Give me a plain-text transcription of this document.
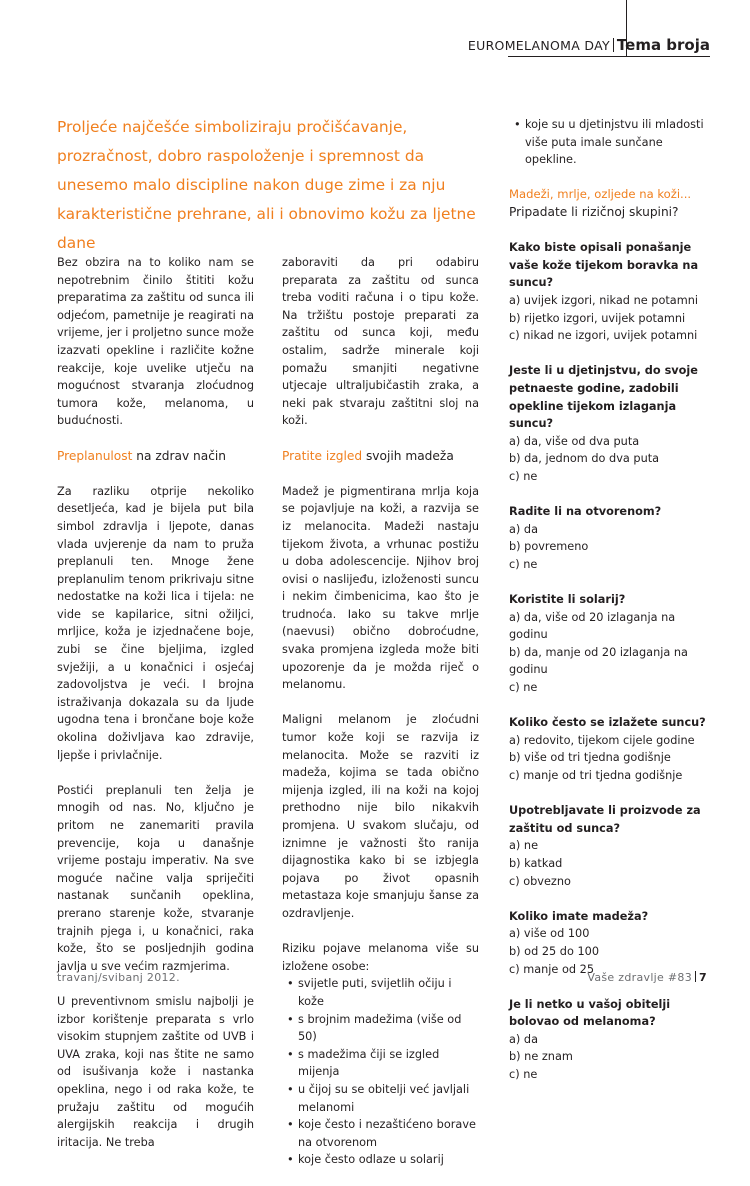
EUROMELANOMA DAY Tema broja
Proljeće najčešće simboliziraju pročišćavanje, prozračnost, dobro raspoloženje i spremnost da unesemo malo discipline nakon duge zime i za nju karakteristične prehrane, ali i obnovimo kožu za ljetne dane

Bez obzira na to koliko nam se nepotrebnim činilo štititi kožu preparatima za zaštitu od sunca ili odjećom, pametnije je reagirati na vrijeme, jer i proljetno sunce može izazvati opekline i različite kožne reakcije, koje uvelike utječu na mogućnost stvaranja zloćudnog tumora kože, melanoma, u budućnosti.

Preplanulost na zdrav način

Za razliku otprije nekoliko desetljeća, kad je bijela put bila simbol zdravlja i ljepote, danas vlada uvjerenje da nam to pruža preplanuli ten. Mnoge žene preplanulim tenom prikrivaju sitne nedostatke na koži lica i tijela: ne vide se kapilarice, sitni ožiljci, mrljice, koža je izjednačene boje, zubi se čine bjeljima, izgled svježiji, a u konačnici i osjećaj zadovoljstva je veći. I brojna istraživanja dokazala su da ljude ugodna tena i brončane boje kože okolina doživljava kao zdravije, ljepše i privlačnije.

Postići preplanuli ten želja je mnogih od nas. No, ključno je pritom ne zanemariti pravila prevencije, koja u današnje vrijeme postaju imperativ. Na sve moguće načine valja spriječiti nastanak sunčanih opeklina, prerano starenje kože, stvaranje trajnih pjega i, u konačnici, raka kože, što se posljednjih godina javlja u sve većim razmjerima.

U preventivnom smislu najbolji je izbor korištenje preparata s vrlo visokim stupnjem zaštite od UVB i UVA zraka, koji nas štite ne samo od isušivanja kože i nastanka opeklina, nego i od raka kože, te pružaju zaštitu od mogućih alergijskih reakcija i drugih iritacija. Ne treba

zaboraviti da pri odabiru preparata za zaštitu od sunca treba voditi računa i o tipu kože. Na tržištu postoje preparati za zaštitu od sunca koji, među ostalim, sadrže minerale koji pomažu smanjiti negativne utjecaje ultraljubičastih zraka, a neki pak stvaraju zaštitni sloj na koži.

Pratite izgled svojih madeža

Madež je pigmentirana mrlja koja se pojavljuje na koži, a razvija se iz melanocita. Madeži nastaju tijekom života, a vrhunac postižu u doba adolescencije. Njihov broj ovisi o naslijeđu, izloženosti suncu i nekim čimbenicima, kao što je trudnoća. Iako su takve mrlje (naevusi) obično dobroćudne, svaka promjena izgleda može biti upozorenje da je moždа riječ o melanomu.

Maligni melanom je zloćudni tumor kože koji se razvija iz melanocita. Može se razviti iz madeža, kojima se tada obično mijenja izgled, ili na koži na kojoj prethodno nije bilo nikakvih promjena. U svakom slučaju, od iznimne je važnosti što ranija dijagnostika kako bi se izbjegla pojava po život opasnih metastaza koje smanjuju šanse za ozdravljenje.

Riziku pojave melanoma više su izložene osobe:

• svijetle puti, svijetlih očiju i kože
• s brojnim madežima (više od 50)
• s madežima čiji se izgled mijenja
• u čijoj su se obitelji već javljali melanomi
• koje često i nezaštićeno borave na otvorenom
• koje često odlaze u solarij
• koje su u djetinjstvu ili mladosti više puta imale sunčane opekline.
Madeži, mrlje, ozljede na koži...
Pripadate li rizičnoj skupini?
Kako biste opisali ponašanje vaše kože tijekom boravka na suncu?
a) uvijek izgori, nikad ne potamni
b) rijetko izgori, uvijek potamni
c) nikad ne izgori, uvijek potamni
Jeste li u djetinjstvu, do svoje petnaeste godine, zadobili opekline tijekom izlaganja suncu?
a) da, više od dva puta
b) da, jednom do dva puta
c) ne
Radite li na otvorenom?
a) da
b) povremeno
c) ne
Koristite li solarij?
a) da, više od 20 izlaganja na godinu
b) da, manje od 20 izlaganja na godinu
c) ne
Koliko često se izlažete suncu?
a) redovito, tijekom cijele godine
b) više od tri tjedna godišnje
c) manje od tri tjedna godišnje
Upotrebljavate li proizvode za zaštitu od sunca?
a) ne
b) katkad
c) obvezno
Koliko imate madeža?
a) više od 100
b) od 25 do 100
c) manje od 25
Je li netko u vašoj obitelji bolovao od melanoma?
a) da
b) ne znam
c) ne
travanj/svibanj 2012.	Vaše zdravlje #83 7
